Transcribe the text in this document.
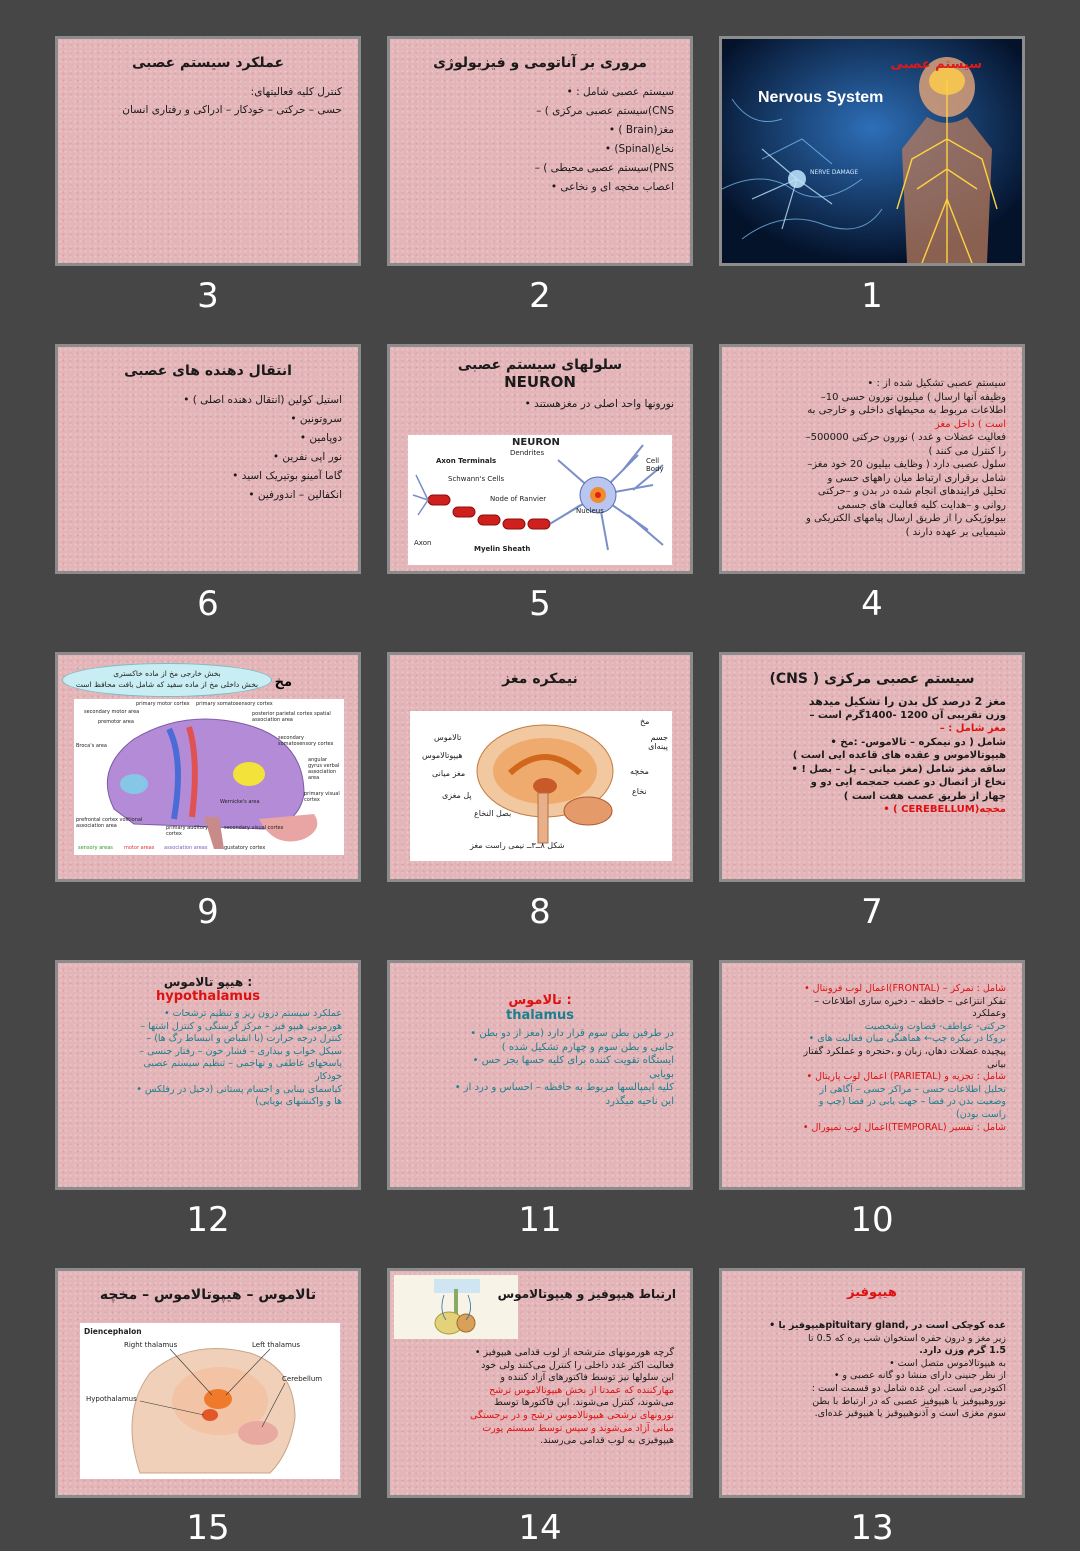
عملکرد سیستم عصبی
کنترل کلیه فعالیتهای:
حسی – حرکتی – خودکار – ادراکی و رفتاری انسان
3
مروری بر آناتومی و فیزیولوژی
سیستم عصبی شامل : •
CNS)سیستم عصبی مرکزی ) –
مغز(Brain ) •
نخاع(Spinal) •
PNS)سیستم عصبی محیطی ) –
اعصاب مخچه ای و نخاعی •
2
سیستم عصبی
Nervous System
NERVE DAMAGE
1
انتقال دهنده های عصبی
استیل کولین (انتقال دهنده اصلی ) •
سروتونین •
دوپامین •
نور اپی نفرین •
گاما آمینو بوتیریک اسید •
انکفالین – اندورفین •
6
سلولهای سیستم عصبی
NEURON
نورونها واحد اصلی در مغزهستند •
NEURON
Dendrites
Axon Terminals	Cell Body
Schwann's Cells
Node of Ranvier
Nucleus
Axon
Myelin Sheath
5
سیستم عصبی تشکیل شده از : •
وظیفه آنها ارسال ) میلیون نورون حسی 10–
اطلاعات مربوط به محیطهای داخلی و خارجی به
است ) داخل مغز
فعالیت عضلات و غدد ) نورون حرکتی 500000–
را کنترل می کنند )
سلول عصبی دارد ( وظایف بیلیون 20 خود مغز–
شامل برقراری ارتباط میان راههای حسی و
تحلیل فرایندهای انجام شده در بدن و –حرکتی
روانی و –هدایت کلیه فعالیت های جسمی
بیولوژیکی را از طریق ارسال پیامهای الکتریکی و
شیمیایی بر عهده دارند )
4
بخش خارجی مخ از ماده خاکستری
بخش داخلی مخ از ماده سفید که شامل بافت محافظ است	مخ
primary motor cortex primary somatosensory cortex
premotor area
secondary motor area	posterior parietal cortex spatial association area
Broca's area
secondary somatosensory cortex
angular gyrus verbal association area
primary visual cortex
prefrontal cortex volitional association area	primary auditory cortex
Wernicke's area
secondary visual cortex
sensory areas motor areas association areas	gustatory cortex
9
نیمکره مغز
تالاموس
هیپوتالاموس
مغز میانی
پل مغزی
بصل النخاع
مخ
جسم پینه‌ای
مخچه
نخاع
شکل ۸ــ۳ــ نیمی راست مغز
8
سیستم عصبی مرکزی ( CNS)
مغز 2 درصد کل بدن را تشکیل میدهد
وزن تقریبی آن 1200 -1400گرم است –
مغز شامل : –
شامل ( دو نیمکره – تالاموس- :مخ •
هیپوتالاموس و عقده های قاعده ایی است )
ساقه مغز شامل (مغز میانی – پل – بصل ! •
نخاع از اتصال دو عصب جمجمه ایی دو و
چهار از طریق عصب هفت است )
مخچه(CEREBELLUM ) •
7
: هیپو تالاموس
hypothalamus
عملکرد سیستم درون ریز و تنظیم ترشحات •
هورمونی هیپو فیز – مرکز گرسنگی و کنترل اشتها –
کنترل درجه حرارت (با انقباض و انبساط رگ ها) –
سیکل خواب و بیداری – فشار خون – رفتار جنسی –
پاسخهای عاطفی و تهاجمی – تنظیم سیستم عصبی
خودکار
کیاسمای بینایی و اجسام پستانی (دخیل در رفلکس •
ها و واکنشهای بویایی)
12
: تالاموس
thalamus
در طرفین بطن سوم قرار دارد (مغز از دو بطن •
جانبی و بطن سوم و چهارم تشکیل شده )
ایستگاه تقویت کننده برای کلیه حسها بجز حس •
بویایی
کلیه ایمپالسها مربوط به حافظه – احساس و درد از •
این ناحیه میگذرد
11
شامل : تمرکز – (FRONTAL)اعمال لوب فرونتال •
تفکر انتزاعی – حافظه – ذخیره سازی اطلاعات –
وعملکرد
حرکتی- عواطف- قضاوت وشخصیت
بروکا در نیکره چپ← هماهنگی میان فعالیت های •
پیچیده عضلات دهان، زبان و ،حنجره و عملکرد گفتار
بیانی
شامل : تجزیه و (PARIETAL) اعمال لوب پاریتال •
تحلیل اطلاعات حسی – مراکز حسی – آگاهی از
وضعیت بدن در فضا – جهت یابی در فضا (چپ و
راست بودن)
شامل : تفسیر (TEMPORAL)اعمال لوب تمپورال •
10
تالاموس – هیپوتالاموس – مخچه
Diencephalon
Right thalamus	Left thalamus
Cerebellum
Hypothalamus
15
ارتباط هیپوفیز و هیپوتالاموس
گرچه هورمونهای مترشحه از لوب قدامی هیپوفیز •
فعالیت اکثر غدد داخلی را کنترل می‌کنند ولی خود
این سلولها نیز توسط فاکتورهای آزاد کننده و
مهارکننده که عمدتا از بخش هیپوتالاموس ترشح
می‌شوند، کنترل می‌شوند. این فاکتورها توسط
نورونهای ترشحی هیپوتالاموس ترشح و در برجستگی
میانی آزاد می‌شوند و سپس توسط سیستم پورت
هیپوفیزی به لوب قدامی می‌رسند.
14
هیپوفیز
غده کوچکی است در ,pituitary glandهیپوفیز یا •
زیر مغز و درون حفره استخوان شب پره که 0.5 تا
1.5 گرم وزن دارد.
به هیپوتالاموس متصل است •
از نظر جنینی دارای منشا دو گانه عصبی و •
اکتودرمی است. این غده شامل دو قسمت است :
نوروهیپوفیز یا هیپوفیز عصبی که در ارتباط با بطن
سوم مغزی است و آدنوهیپوفیز یا هیپوفیز غده‌ای.
13
